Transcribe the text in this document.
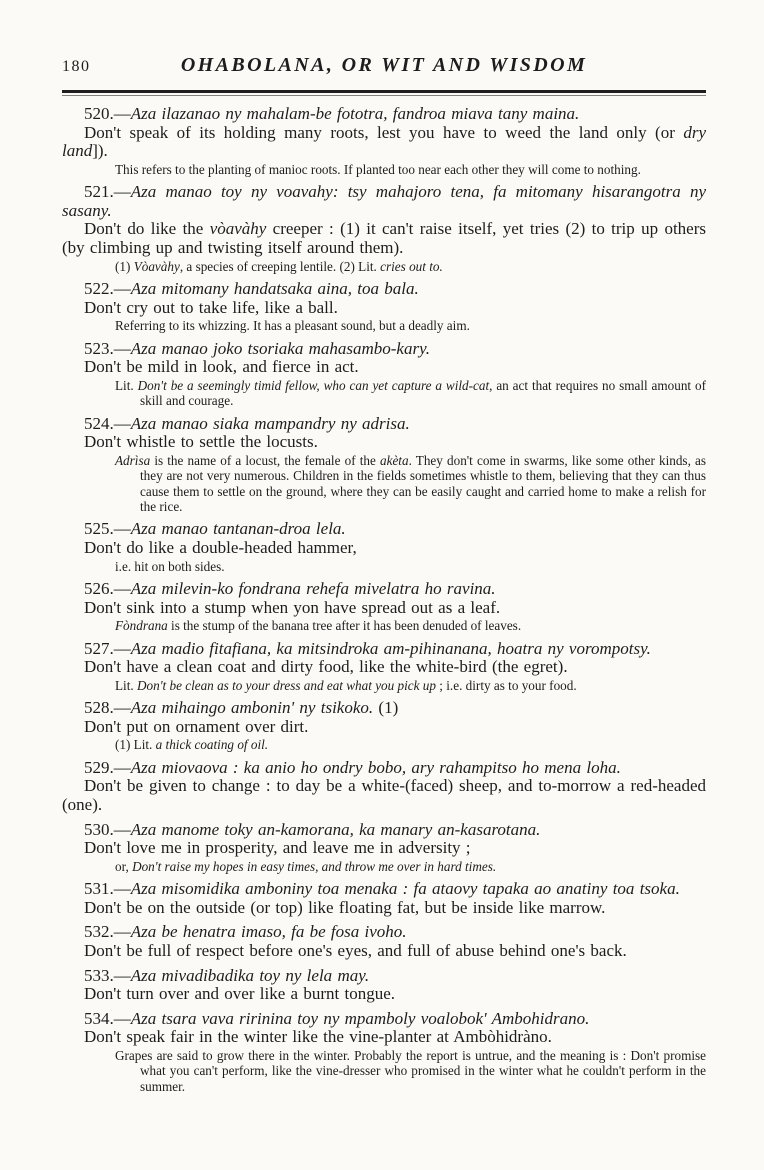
180	OHABOLANA, OR WIT AND WISDOM

520.—Aza ilazanao ny mahalam-be fototra, fandroa miava tany maina.

Don't speak of its holding many roots, lest you have to weed the land only (or dry land]).

This refers to the planting of manioc roots. If planted too near each other they will come to nothing.

521.—Aza manao toy ny voavahy: tsy mahajoro tena, fa mitomany hisarangotra ny sasany.

Don't do like the vòavàhy creeper : (1) it can't raise itself, yet tries (2) to trip up others (by climbing up and twisting itself around them).

(1) Vòavàhy, a species of creeping lentile. (2) Lit. cries out to.

522.—Aza mitomany handatsaka aina, toa bala.

Don't cry out to take life, like a ball.

Referring to its whizzing. It has a pleasant sound, but a deadly aim.

523.—Aza manao joko tsoriaka mahasambo-kary.

Don't be mild in look, and fierce in act.

Lit. Don't be a seemingly timid fellow, who can yet capture a wild-cat, an act that requires no small amount of skill and courage.

524.—Aza manao siaka mampandry ny adrisa.

Don't whistle to settle the locusts.

Adrìsa is the name of a locust, the female of the akèta. They don't come in swarms, like some other kinds, as they are not very numerous. Children in the fields sometimes whistle to them, believing that they can thus cause them to settle on the ground, where they can be easily caught and carried home to make a relish for the rice.

525.—Aza manao tantanan-droa lela.

Don't do like a double-headed hammer,

i.e. hit on both sides.

526.—Aza milevin-ko fondrana rehefa mivelatra ho ravina.

Don't sink into a stump when yon have spread out as a leaf.

Fòndrana is the stump of the banana tree after it has been denuded of leaves.

527.—Aza madio fitafiana, ka mitsindroka am-pihinanana, hoatra ny vorompotsy.

Don't have a clean coat and dirty food, like the white-bird (the egret).

Lit. Don't be clean as to your dress and eat what you pick up ; i.e. dirty as to your food.

528.—Aza mihaingo ambonin' ny tsikoko. (1)

Don't put on ornament over dirt.

(1) Lit. a thick coating of oil.

529.—Aza miovaova : ka anio ho ondry bobo, ary rahampitso ho mena loha.

Don't be given to change : to day be a white-(faced) sheep, and to-morrow a red-headed (one).

530.—Aza manome toky an-kamorana, ka manary an-kasarotana.

Don't love me in prosperity, and leave me in adversity ;

or, Don't raise my hopes in easy times, and throw me over in hard times.

531.—Aza misomidika amboniny toa menaka : fa ataovy tapaka ao anatiny toa tsoka.

Don't be on the outside (or top) like floating fat, but be inside like marrow.

532.—Aza be henatra imaso, fa be fosa ivoho.

Don't be full of respect before one's eyes, and full of abuse behind one's back.

533.—Aza mivadibadika toy ny lela may.

Don't turn over and over like a burnt tongue.

534.—Aza tsara vava ririnina toy ny mpamboly voalobok' Ambohidrano.

Don't speak fair in the winter like the vine-planter at Ambòhidràno.

Grapes are said to grow there in the winter. Probably the report is untrue, and the meaning is : Don't promise what you can't perform, like the vine-dresser who promised in the winter what he couldn't perform in the summer.
